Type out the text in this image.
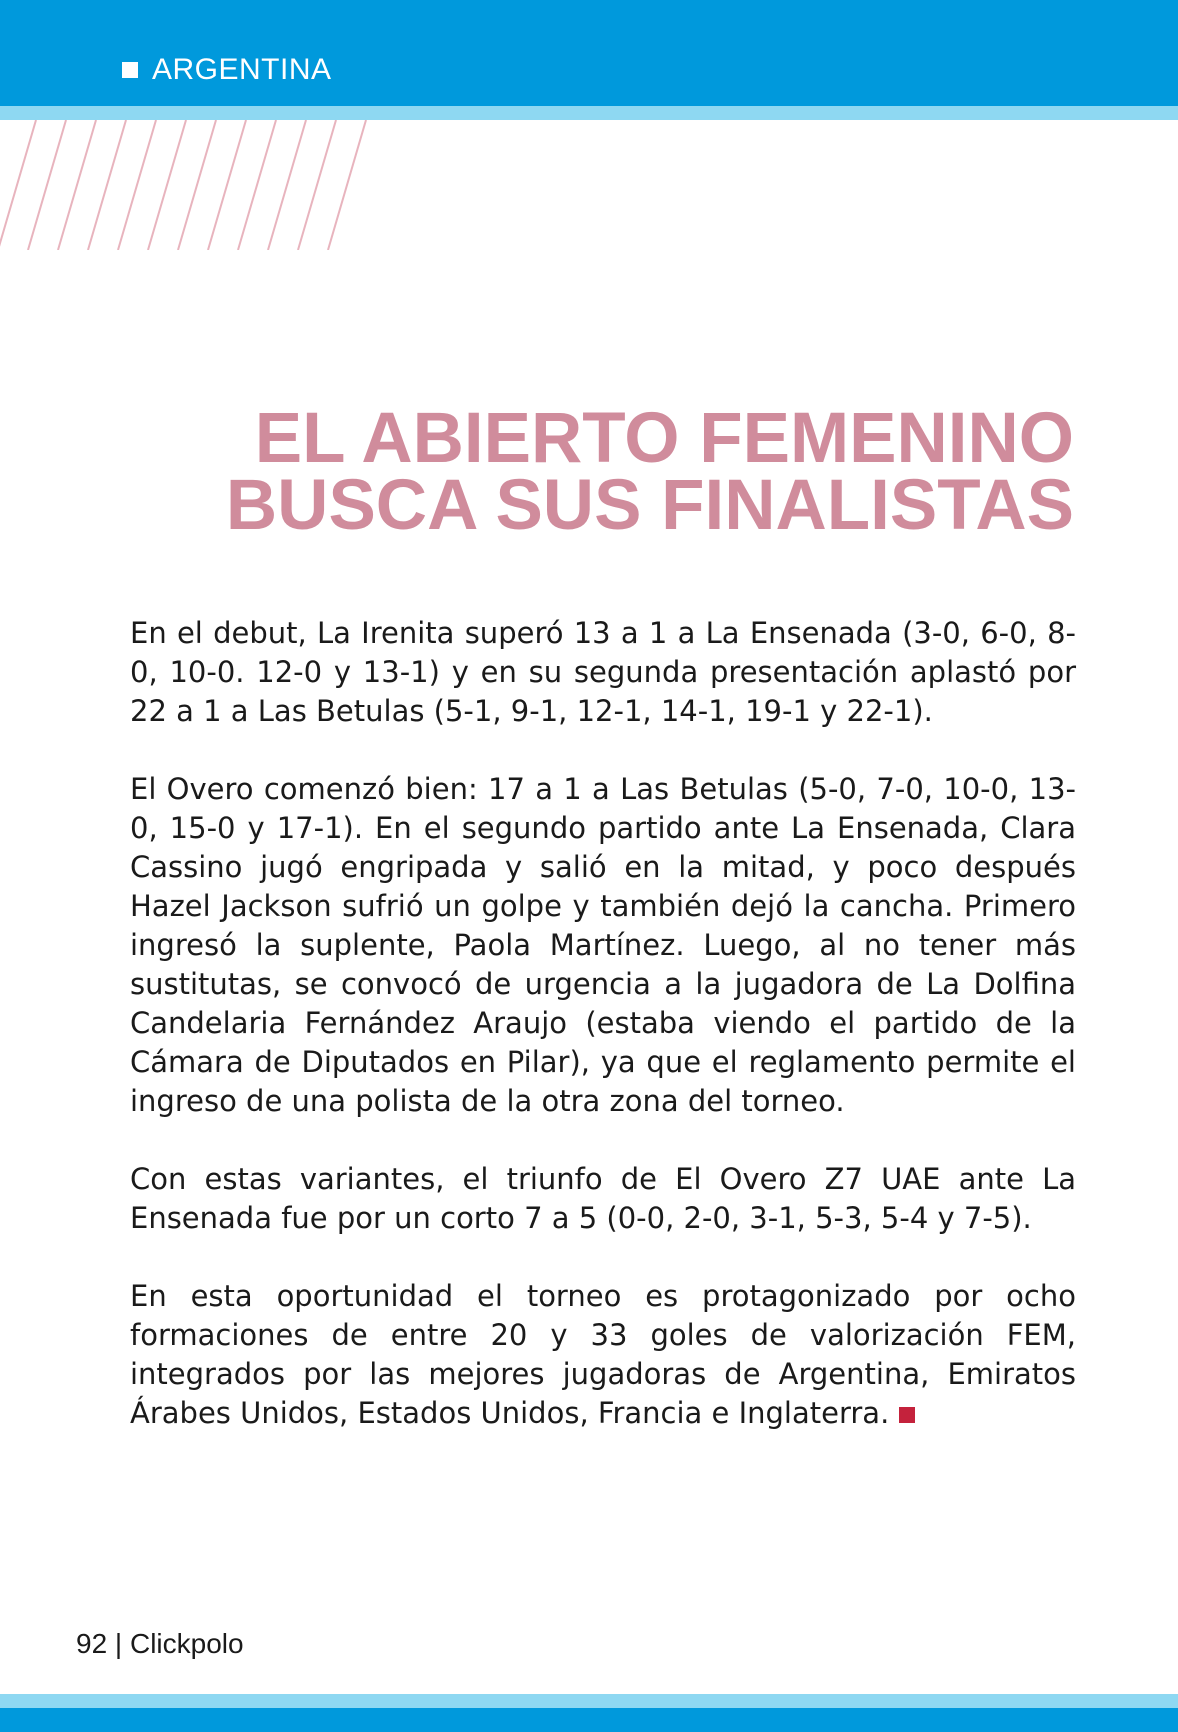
ARGENTINA
EL ABIERTO FEMENINO
BUSCA SUS FINALISTAS

En el debut, La Irenita superó 13 a 1 a La Ensenada (3-0, 6-0, 8-0, 10-0. 12-0 y 13-1) y en su segunda presentación aplastó por 22 a 1 a Las Betulas (5-1, 9-1, 12-1, 14-1, 19-1 y 22-1).

El Overo comenzó bien: 17 a 1 a Las Betulas (5-0, 7-0, 10-0, 13-0, 15-0 y 17-1). En el segundo partido ante La Ensenada, Clara Cassino jugó engripada y salió en la mitad, y poco después Hazel Jackson sufrió un golpe y también dejó la cancha. Primero ingresó la suplente, Paola Martínez. Luego, al no tener más sustitutas, se convocó de urgencia a la jugadora de La Dolfina Candelaria Fernández Araujo (estaba viendo el partido de la Cámara de Diputados en Pilar), ya que el reglamento permite el ingreso de una polista de la otra zona del torneo.

Con estas variantes, el triunfo de El Overo Z7 UAE ante La Ensenada fue por un corto 7 a 5 (0-0, 2-0, 3-1, 5-3, 5-4 y 7-5).

En esta oportunidad el torneo es protagonizado por ocho formaciones de entre 20 y 33 goles de valorización FEM, integrados por las mejores jugadoras de Argentina, Emiratos Árabes Unidos, Estados Unidos, Francia e Inglaterra.

92 | Clickpolo
